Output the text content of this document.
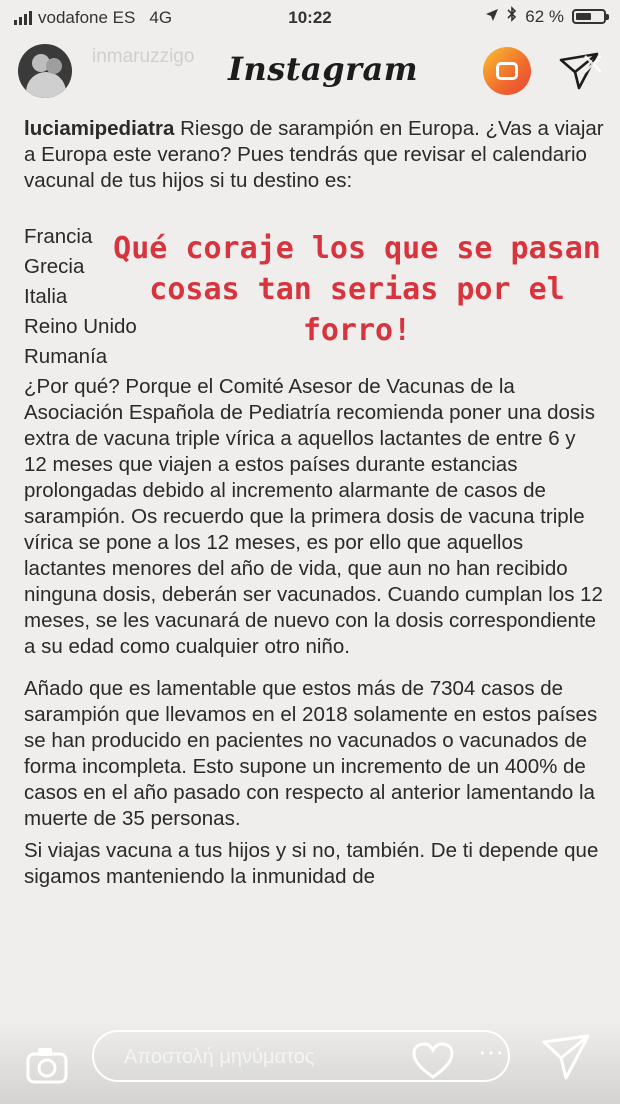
vodafone ES 4G	10:22	62 %
inmaruzzigo Instagram

luciamipediatra Riesgo de sarampión en Europa. ¿Vas a viajar a Europa este verano? Pues tendrás que revisar el calendario vacunal de tus hijos si tu destino es:

Francia
Grecia
Italia
Reino Unido
Rumanía

¿Por qué? Porque el Comité Asesor de Vacunas de la Asociación Española de Pediatría recomienda poner una dosis extra de vacuna triple vírica a aquellos lactantes de entre 6 y 12 meses que viajen a estos países durante estancias prolongadas debido al incremento alarmante de casos de sarampión. Os recuerdo que la primera dosis de vacuna triple vírica se pone a los 12 meses, es por ello que aquellos lactantes menores del año de vida, que aun no han recibido ninguna dosis, deberán ser vacunados. Cuando cumplan los 12 meses, se les vacunará de nuevo con la dosis correspondiente a su edad como cualquier otro niño.

Añado que es lamentable que estos más de 7304 casos de sarampión que llevamos en el 2018 solamente en estos países se han producido en pacientes no vacunados o vacunados de forma incompleta. Esto supone un incremento de un 400% de casos en el año pasado con respecto al anterior lamentando la muerte de 35 personas.

Si viajas vacuna a tus hijos y si no, también. De ti depende que sigamos manteniendo la inmunidad de

Qué coraje los que se pasan cosas tan serias por el forro!
Αποστολή μηνύματος
⋯
